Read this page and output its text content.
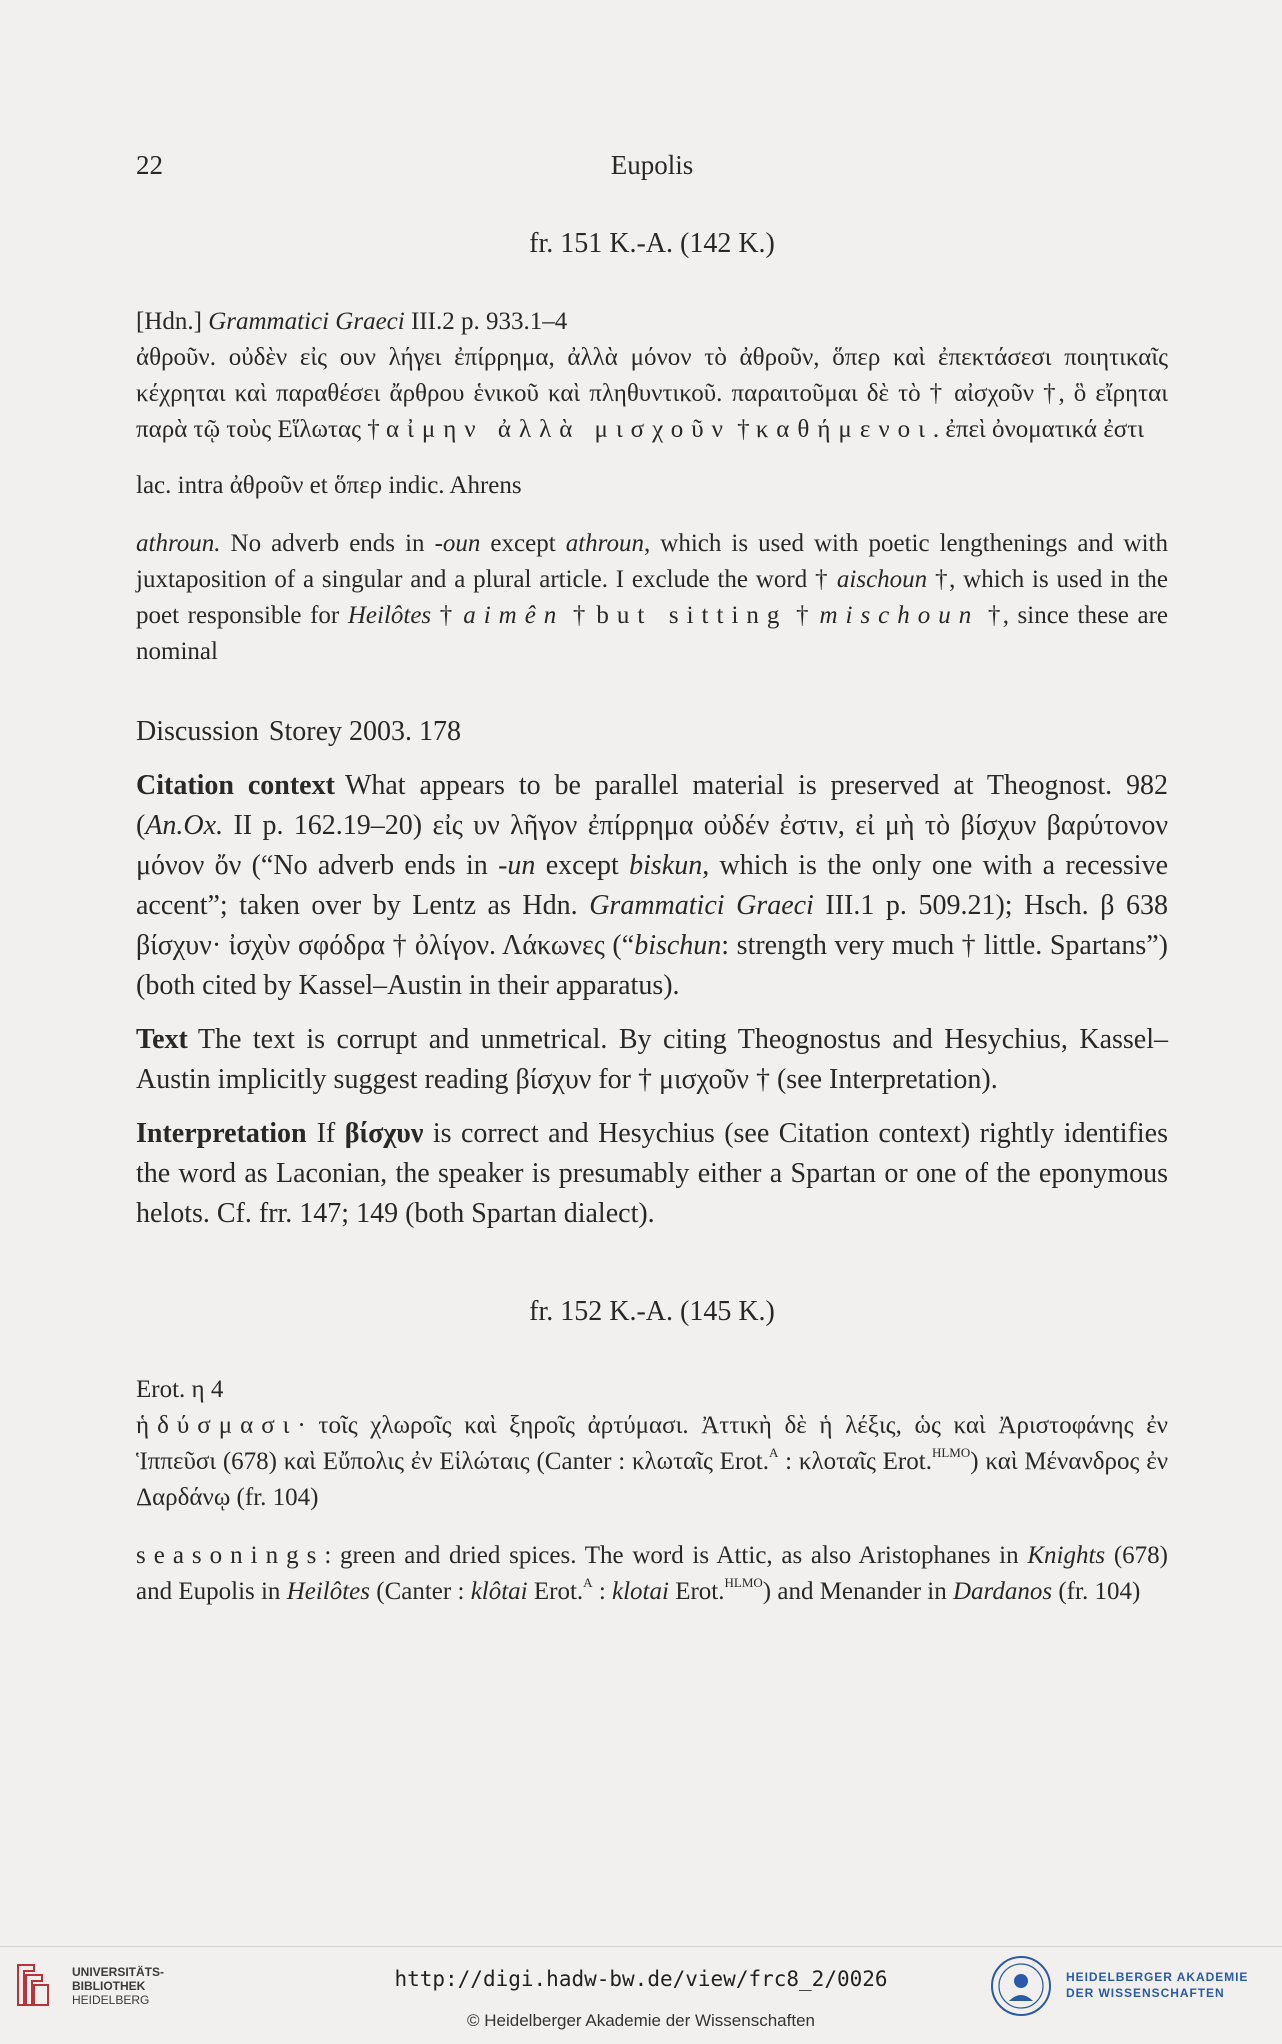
22	Eupolis
fr. 151 K.-A. (142 K.)

[Hdn.] Grammatici Graeci III.2 p. 933.1–4

ἀθροῦν. οὐδὲν εἰς ουν λήγει ἐπίρρημα, ἀλλὰ μόνον τὸ ἀθροῦν, ὅπερ καὶ ἐπεκτάσεσι ποιητικαῖς κέχρηται καὶ παραθέσει ἄρθρου ἑνικοῦ καὶ πληθυντικοῦ. παραιτοῦμαι δὲ τὸ † αἰσχοῦν †, ὃ εἴρηται παρὰ τῷ τοὺς Εἵλωτας † αἰμην ἀλλὰ μισχοῦν † καθήμενοι. ἐπεὶ ὀνοματικά ἐστι

lac. intra ἀθροῦν et ὅπερ indic. Ahrens

athroun. No adverb ends in -oun except athroun, which is used with poetic lengthenings and with juxtaposition of a singular and a plural article. I exclude the word † aischoun †, which is used in the poet responsible for Heilôtes † aimên † but sitting † mischoun †, since these are nominal

Discussion Storey 2003. 178

Citation context What appears to be parallel material is preserved at Theognost. 982 (An.Ox. II p. 162.19–20) εἰς υν λῆγον ἐπίρρημα οὐδέν ἐστιν, εἰ μὴ τὸ βίσχυν βαρύτονον μόνον ὄν (“No adverb ends in -un except biskun, which is the only one with a recessive accent”; taken over by Lentz as Hdn. Grammatici Graeci III.1 p. 509.21); Hsch. β 638 βίσχυν· ἰσχὺν σφόδρα † ὀλίγον. Λάκωνες (“bischun: strength very much † little. Spartans”) (both cited by Kassel–Austin in their apparatus).

Text The text is corrupt and unmetrical. By citing Theognostus and Hesychius, Kassel–Austin implicitly suggest reading βίσχυν for † μισχοῦν † (see Interpretation).

Interpretation If βίσχυν is correct and Hesychius (see Citation context) rightly identifies the word as Laconian, the speaker is presumably either a Spartan or one of the eponymous helots. Cf. frr. 147; 149 (both Spartan dialect).

fr. 152 K.-A. (145 K.)

Erot. η 4

ἡδύσμασι· τοῖς χλωροῖς καὶ ξηροῖς ἀρτύμασι. Ἀττικὴ δὲ ἡ λέξις, ὡς καὶ Ἀριστοφάνης ἐν Ἱππεῦσι (678) καὶ Εὔπολις ἐν Εἱλώταις (Canter : κλωταῖς Erot.$^A$ : κλοταῖς Erot.$^{HLMO}$) καὶ Μένανδρος ἐν Δαρδάνῳ (fr. 104)

seasonings: green and dried spices. The word is Attic, as also Aristophanes in Knights (678) and Eupolis in Heilôtes (Canter : klôtai Erot.$^A$ : klotai Erot.$^{HLMO}$) and Menander in Dardanos (fr. 104)

UNIVERSITÄTS-
BIBLIOTHEK
HEIDELBERG
http://digi.hadw-bw.de/view/frc8_2/0026
© Heidelberger Akademie der Wissenschaften
HEIDELBERGER AKADEMIE
DER WISSENSCHAFTEN
